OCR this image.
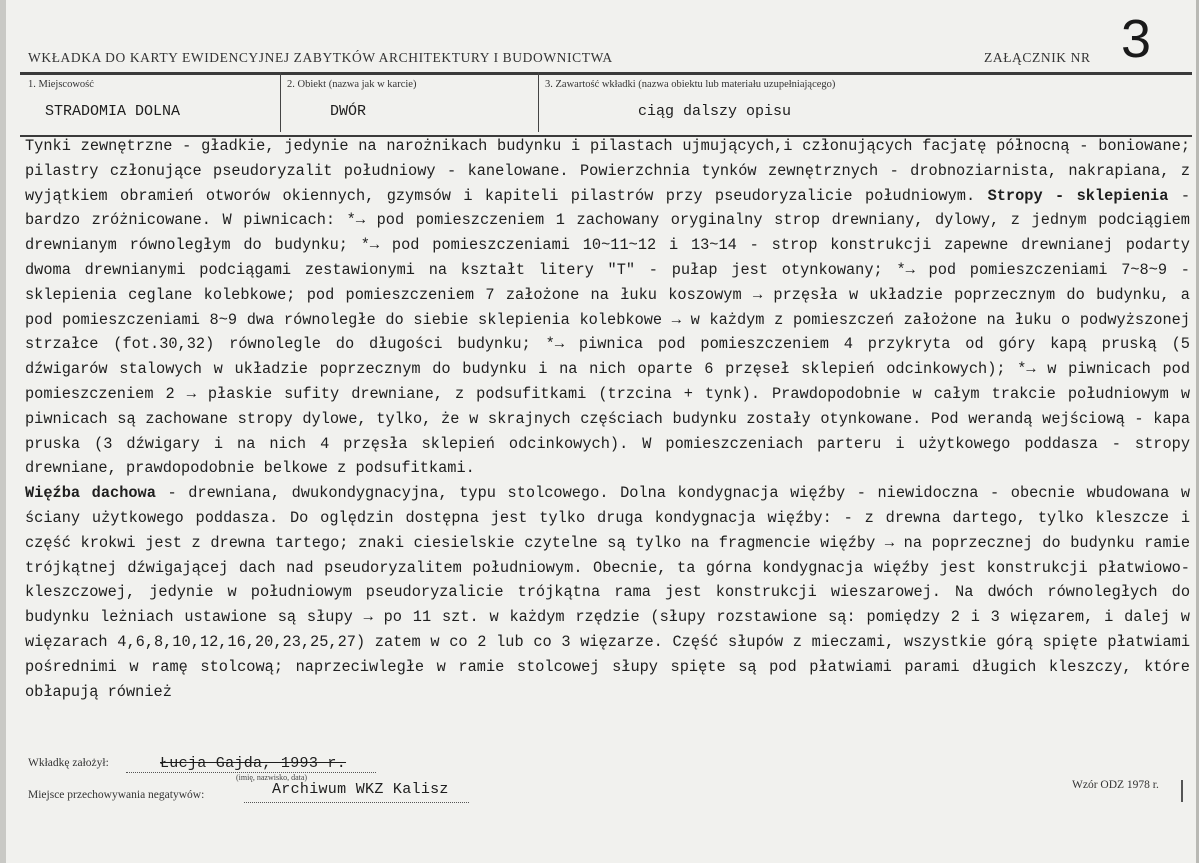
WKŁADKA DO KARTY EWIDENCYJNEJ ZABYTKÓW ARCHITEKTURY I BUDOWNICTWA	ZAŁĄCZNIK NR 3
1. Miejscowość
STRADOMIA DOLNA
2. Obiekt (nazwa jak w karcie)
DWÓR
3. Zawartość wkładki (nazwa obiektu lub materiału uzupełniającego)
ciąg dalszy opisu

Tynki zewnętrzne - gładkie, jedynie na narożnikach budynku i pilastach ujmujących,i członujących facjatę północną - boniowane; pilastry członujące pseudoryzalit południowy - kanelowane. Powierzchnia tynków zewnętrznych - drobnoziarnista, nakrapiana, z wyjątkiem obramień otworów okiennych, gzymsów i kapiteli pilastrów przy pseudoryzalicie południowym. Stropy - sklepienia - bardzo zróżnicowane. W piwnicach: *→ pod pomieszczeniem 1 zachowany oryginalny strop drewniany, dylowy, z jednym podciągiem drewnianym równoległym do budynku; *→ pod pomieszczeniami 10~11~12 i 13~14 - strop konstrukcji zapewne drewnianej podarty dwoma drewnianymi podciągami zestawionymi na kształt litery "T" - pułap jest otynkowany; *→ pod pomieszczeniami 7~8~9 - sklepienia ceglane kolebkowe; pod pomieszczeniem 7 założone na łuku koszowym → przęsła w układzie poprzecznym do budynku, a pod pomieszczeniami 8~9 dwa równoległe do siebie sklepienia kolebkowe → w każdym z pomieszczeń założone na łuku o podwyższonej strzałce (fot.30,32) równolegle do długości budynku; *→ piwnica pod pomieszczeniem 4 przykryta od góry kapą pruską (5 dźwigarów stalowych w układzie poprzecznym do budynku i na nich oparte 6 przęseł sklepień odcinkowych); *→ w piwnicach pod pomieszczeniem 2 → płaskie sufity drewniane, z podsufitkami (trzcina + tynk). Prawdopodobnie w całym trakcie południowym w piwnicach są zachowane stropy dylowe, tylko, że w skrajnych częściach budynku zostały otynkowane. Pod werandą wejściową - kapa pruska (3 dźwigary i na nich 4 przęsła sklepień odcinkowych). W pomieszczeniach parteru i użytkowego poddasza - stropy drewniane, prawdopodobnie belkowe z podsufitkami.
Więźba dachowa - drewniana, dwukondygnacyjna, typu stolcowego. Dolna kondygnacja więźby - niewidoczna - obecnie wbudowana w ściany użytkowego poddasza. Do oględzin dostępna jest tylko druga kondygnacja więźby: - z drewna dartego, tylko kleszcze i część krokwi jest z drewna tartego; znaki ciesielskie czytelne są tylko na fragmencie więźby → na poprzecznej do budynku ramie trójkątnej dźwigającej dach nad pseudoryzalitem południowym. Obecnie, ta górna kondygnacja więźby jest konstrukcji płatwiowo-kleszczowej, jedynie w południowym pseudoryzalicie trójkątna rama jest konstrukcji wieszarowej. Na dwóch równoległych do budynku leżniach ustawione są słupy → po 11 szt. w każdym rzędzie (słupy rozstawione są: pomiędzy 2 i 3 więzarem, i dalej w więzarach 4,6,8,10,12,16,20,23,25,27) zatem w co 2 lub co 3 więzarze. Część słupów z mieczami, wszystkie górą spięte płatwiami pośrednimi w ramę stolcową; naprzeciwległe w ramie stolcowej słupy spięte są pod płatwiami parami długich kleszczy, które obłapują również

Wkładkę założył:	Łucja Gajda, 1993 r.
(imię, nazwisko, data)
Miejsce przechowywania negatywów:	Archiwum WKZ Kalisz	Wzór ODZ 1978 r.
